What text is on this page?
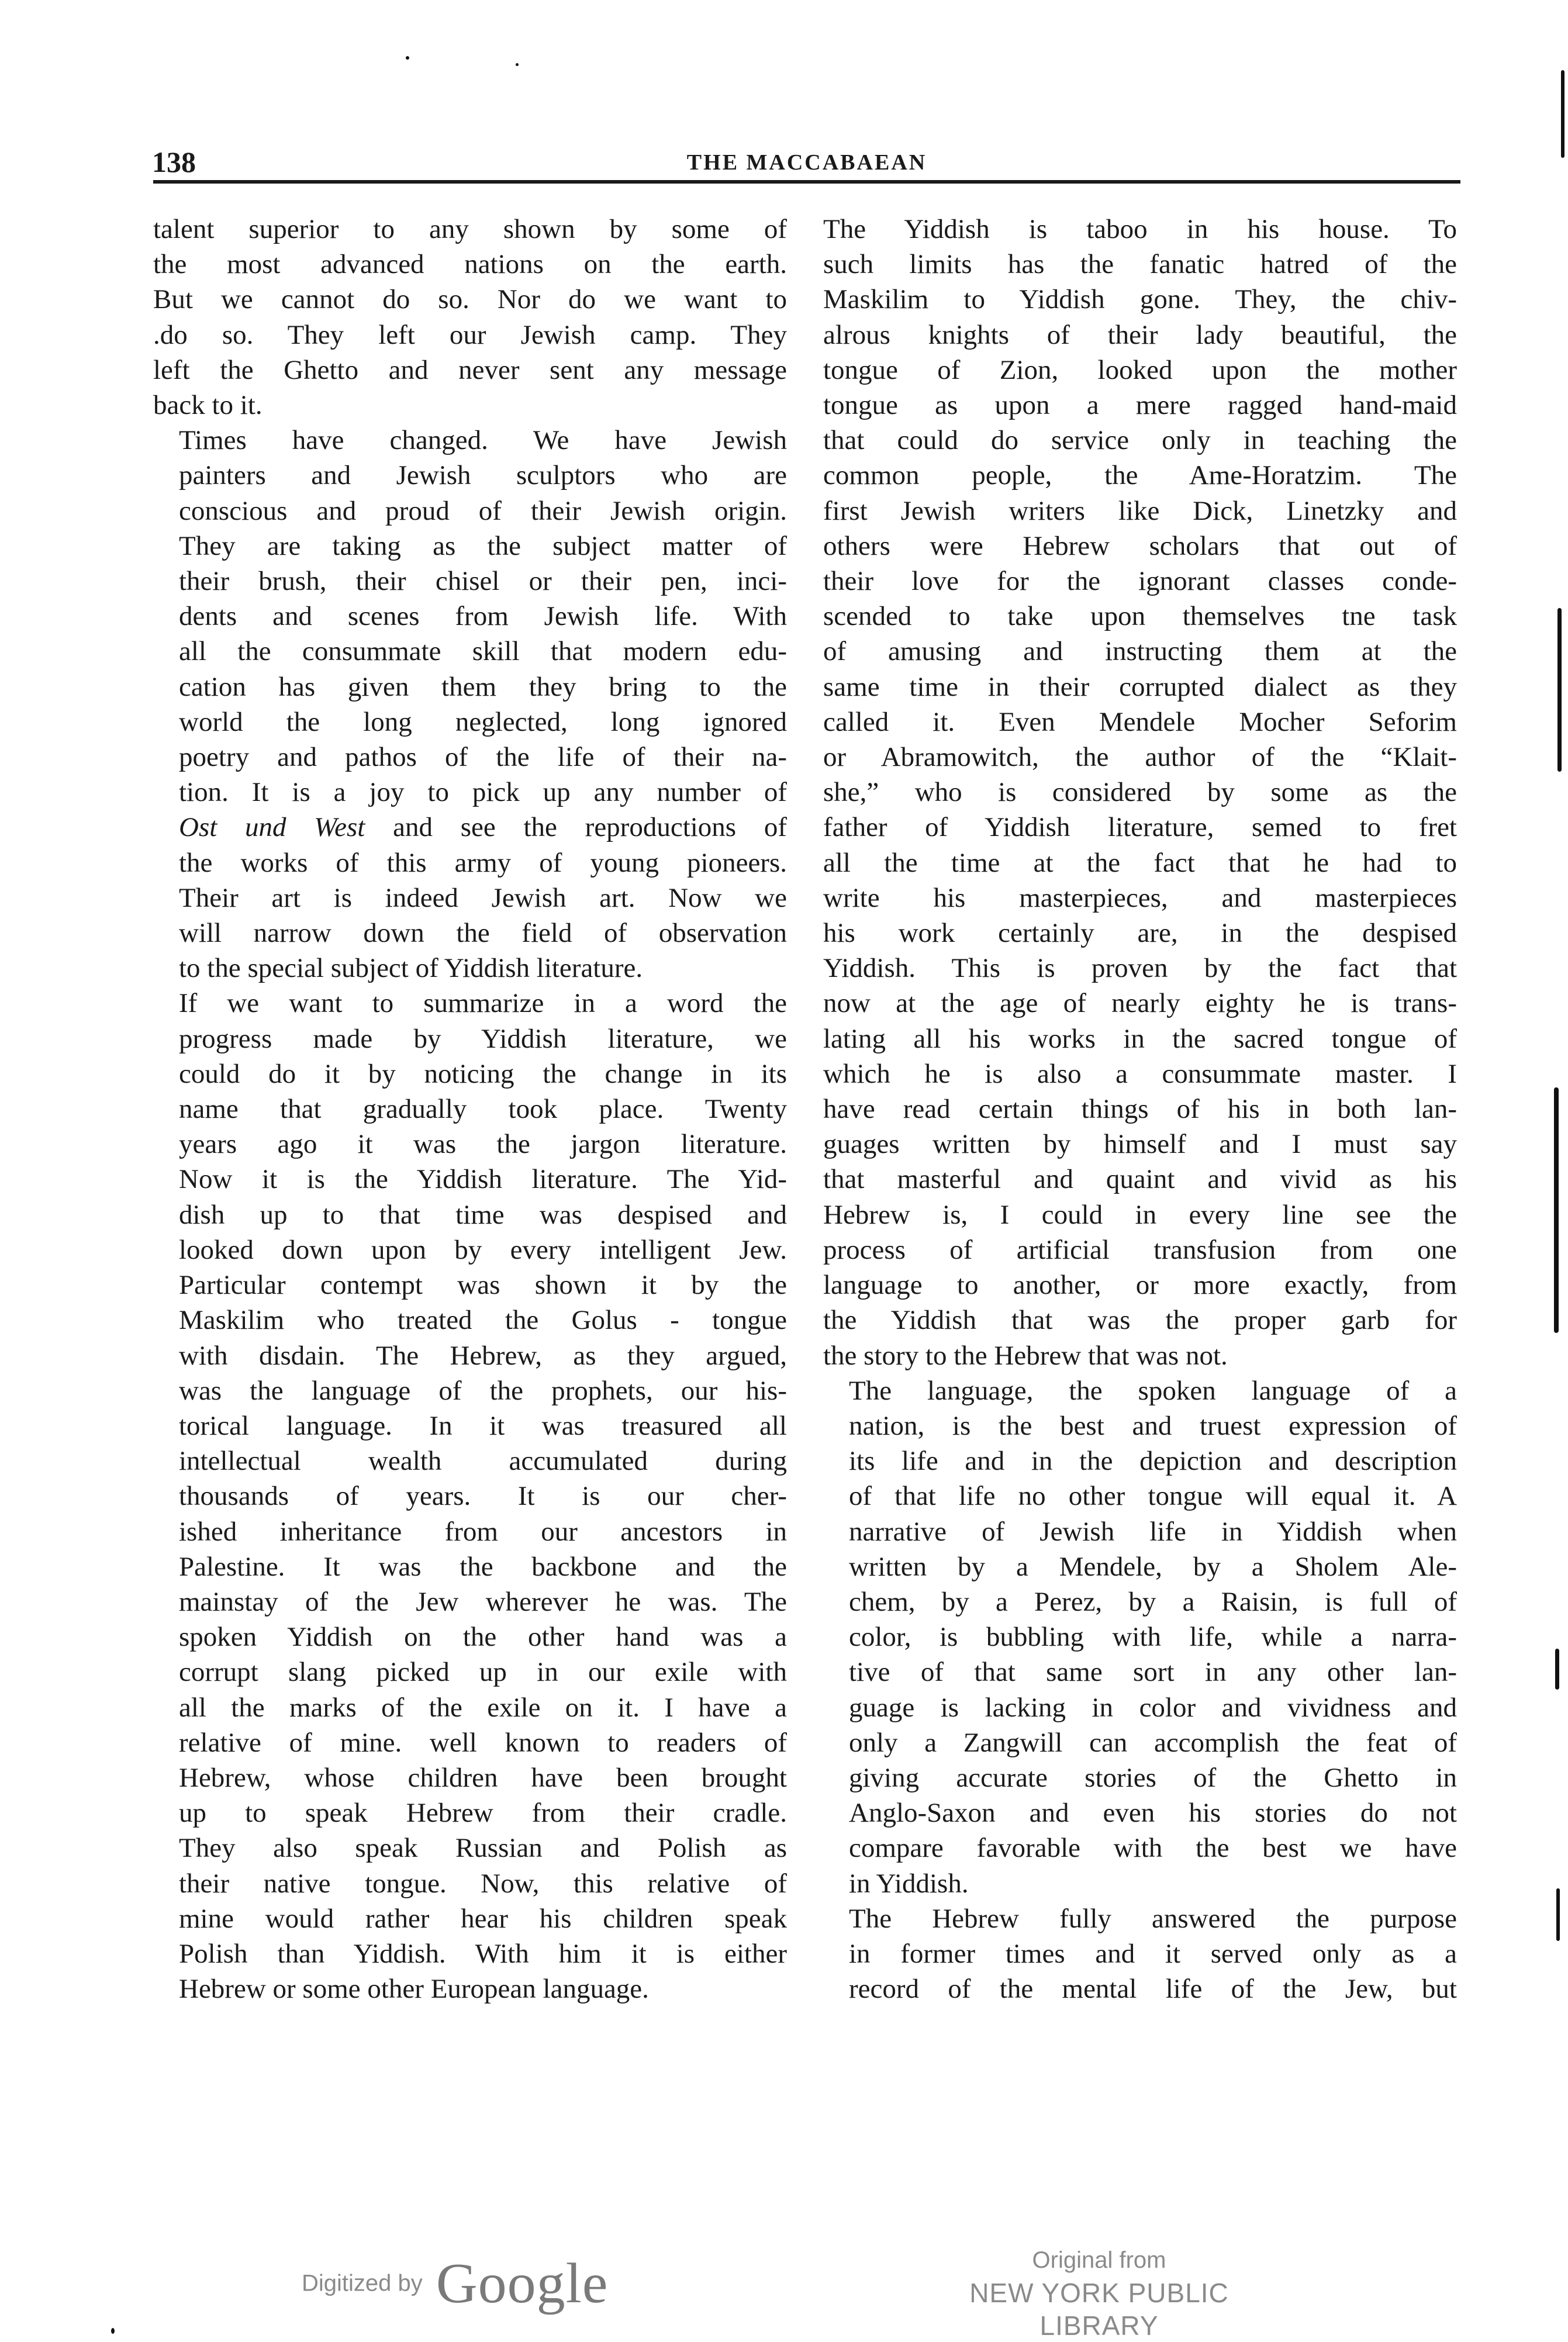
138	THE MACCABAEAN
talent superior to any shown by some of
the most advanced nations on the earth.
But we cannot do so. Nor do we want to
.do so. They left our Jewish camp. They
left the Ghetto and never sent any message
back to it.
Times have changed. We have Jewish
painters and Jewish sculptors who are
conscious and proud of their Jewish origin.
They are taking as the subject matter of
their brush, their chisel or their pen, inci-
dents and scenes from Jewish life. With
all the consummate skill that modern edu-
cation has given them they bring to the
world the long neglected, long ignored
poetry and pathos of the life of their na-
tion. It is a joy to pick up any number of
Ost und West and see the reproductions of
the works of this army of young pioneers.
Their art is indeed Jewish art. Now we
will narrow down the field of observation
to the special subject of Yiddish literature.
If we want to summarize in a word the
progress made by Yiddish literature, we
could do it by noticing the change in its
name that gradually took place. Twenty
years ago it was the jargon literature.
Now it is the Yiddish literature. The Yid-
dish up to that time was despised and
looked down upon by every intelligent Jew.
Particular contempt was shown it by the
Maskilim who treated the Golus - tongue
with disdain. The Hebrew, as they argued,
was the language of the prophets, our his-
torical language. In it was treasured all
intellectual wealth accumulated during
thousands of years. It is our cher-
ished inheritance from our ancestors in
Palestine. It was the backbone and the
mainstay of the Jew wherever he was. The
spoken Yiddish on the other hand was a
corrupt slang picked up in our exile with
all the marks of the exile on it. I have a
relative of mine. well known to readers of
Hebrew, whose children have been brought
up to speak Hebrew from their cradle.
They also speak Russian and Polish as
their native tongue. Now, this relative of
mine would rather hear his children speak
Polish than Yiddish. With him it is either
Hebrew or some other European language.
The Yiddish is taboo in his house. To
such limits has the fanatic hatred of the
Maskilim to Yiddish gone. They, the chiv-
alrous knights of their lady beautiful, the
tongue of Zion, looked upon the mother
tongue as upon a mere ragged hand-maid
that could do service only in teaching the
common people, the Ame-Horatzim. The
first Jewish writers like Dick, Linetzky and
others were Hebrew scholars that out of
their love for the ignorant classes conde-
scended to take upon themselves tne task
of amusing and instructing them at the
same time in their corrupted dialect as they
called it. Even Mendele Mocher Seforim
or Abramowitch, the author of the “Klait-
she,” who is considered by some as the
father of Yiddish literature, semed to fret
all the time at the fact that he had to
write his masterpieces, and masterpieces
his work certainly are, in the despised
Yiddish. This is proven by the fact that
now at the age of nearly eighty he is trans-
lating all his works in the sacred tongue of
which he is also a consummate master. I
have read certain things of his in both lan-
guages written by himself and I must say
that masterful and quaint and vivid as his
Hebrew is, I could in every line see the
process of artificial transfusion from one
language to another, or more exactly, from
the Yiddish that was the proper garb for
the story to the Hebrew that was not.
The language, the spoken language of a
nation, is the best and truest expression of
its life and in the depiction and description
of that life no other tongue will equal it. A
narrative of Jewish life in Yiddish when
written by a Mendele, by a Sholem Ale-
chem, by a Perez, by a Raisin, is full of
color, is bubbling with life, while a narra-
tive of that same sort in any other lan-
guage is lacking in color and vividness and
only a Zangwill can accomplish the feat of
giving accurate stories of the Ghetto in
Anglo-Saxon and even his stories do not
compare favorable with the best we have
in Yiddish.
The Hebrew fully answered the purpose
in former times and it served only as a
record of the mental life of the Jew, but
Digitized by Google	Original from
NEW YORK PUBLIC LIBRARY
